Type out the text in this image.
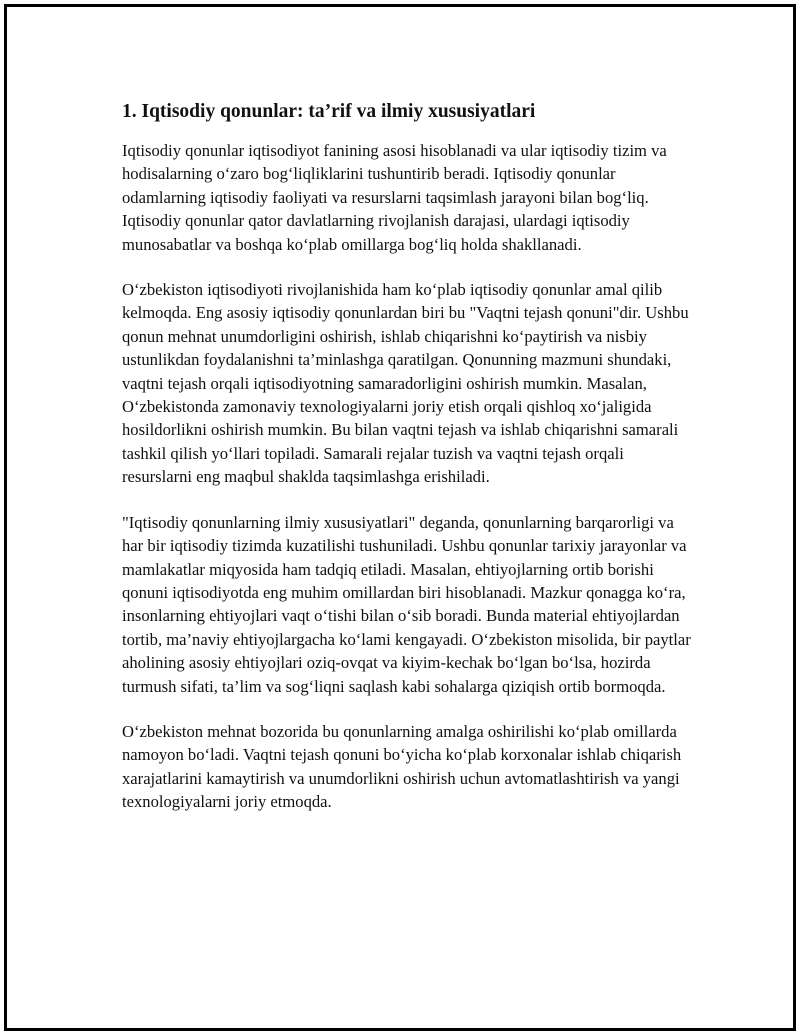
1. Iqtisodiy qonunlar: ta’rif va ilmiy xususiyatlari

Iqtisodiy qonunlar iqtisodiyot fanining asosi hisoblanadi va ular iqtisodiy tizim va hodisalarning o‘zaro bog‘liqliklarini tushuntirib beradi. Iqtisodiy qonunlar odamlarning iqtisodiy faoliyati va resurslarni taqsimlash jarayoni bilan bog‘liq. Iqtisodiy qonunlar qator davlatlarning rivojlanish darajasi, ulardagi iqtisodiy munosabatlar va boshqa ko‘plab omillarga bog‘liq holda shakllanadi.

O‘zbekiston iqtisodiyoti rivojlanishida ham ko‘plab iqtisodiy qonunlar amal qilib kelmoqda. Eng asosiy iqtisodiy qonunlardan biri bu "Vaqtni tejash qonuni"dir. Ushbu qonun mehnat unumdorligini oshirish, ishlab chiqarishni ko‘paytirish va nisbiy ustunlikdan foydalanishni ta’minlashga qaratilgan. Qonunning mazmuni shundaki, vaqtni tejash orqali iqtisodiyotning samaradorligini oshirish mumkin. Masalan, O‘zbekistonda zamonaviy texnologiyalarni joriy etish orqali qishloq xo‘jaligida hosildorlikni oshirish mumkin. Bu bilan vaqtni tejash va ishlab chiqarishni samarali tashkil qilish yo‘llari topiladi. Samarali rejalar tuzish va vaqtni tejash orqali resurslarni eng maqbul shaklda taqsimlashga erishiladi.

"Iqtisodiy qonunlarning ilmiy xususiyatlari" deganda, qonunlarning barqarorligi va har bir iqtisodiy tizimda kuzatilishi tushuniladi. Ushbu qonunlar tarixiy jarayonlar va mamlakatlar miqyosida ham tadqiq etiladi. Masalan, ehtiyojlarning ortib borishi qonuni iqtisodiyotda eng muhim omillardan biri hisoblanadi. Mazkur qonagga ko‘ra, insonlarning ehtiyojlari vaqt o‘tishi bilan o‘sib boradi. Bunda material ehtiyojlardan tortib, ma’naviy ehtiyojlargacha ko‘lami kengayadi. O‘zbekiston misolida, bir paytlar aholining asosiy ehtiyojlari oziq-ovqat va kiyim-kechak bo‘lgan bo‘lsa, hozirda turmush sifati, ta’lim va sog‘liqni saqlash kabi sohalarga qiziqish ortib bormoqda.

O‘zbekiston mehnat bozorida bu qonunlarning amalga oshirilishi ko‘plab omillarda namoyon bo‘ladi. Vaqtni tejash qonuni bo‘yicha ko‘plab korxonalar ishlab chiqarish xarajatlarini kamaytirish va unumdorlikni oshirish uchun avtomatlashtirish va yangi texnologiyalarni joriy etmoqda.
